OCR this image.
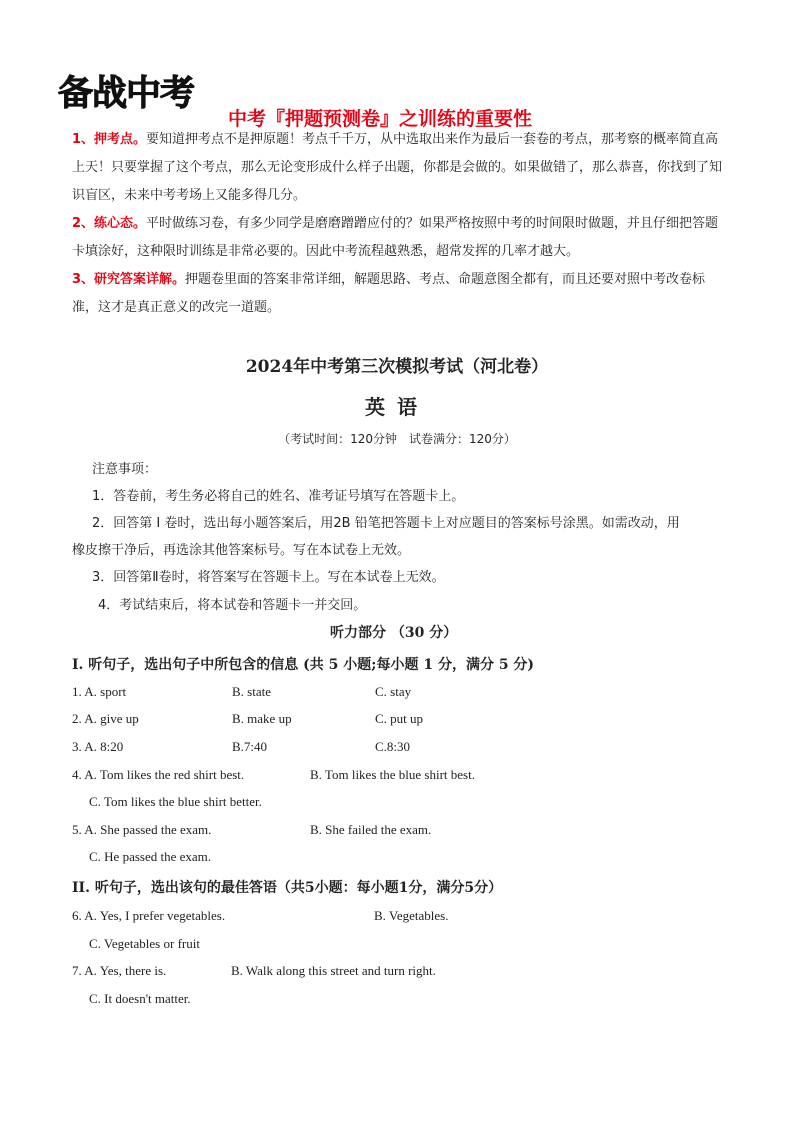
备战中考
中考『押题预测卷』之训练的重要性
1、押考点。要知道押考点不是押原题！考点千千万，从中选取出来作为最后一套卷的考点，那考察的概率简直高上天！只要掌握了这个考点，那么无论变形成什么样子出题，你都是会做的。如果做错了，那么恭喜，你找到了知识盲区，未来中考考场上又能多得几分。
2、练心态。平时做练习卷，有多少同学是磨磨蹭蹭应付的？如果严格按照中考的时间限时做题，并且仔细把答题卡填涂好，这种限时训练是非常必要的。因此中考流程越熟悉，超常发挥的几率才越大。
3、研究答案详解。押题卷里面的答案非常详细，解题思路、考点、命题意图全都有，而且还要对照中考改卷标准，这才是真正意义的改完一道题。
2024年中考第三次模拟考试（河北卷）
英语
（考试时间：120分钟　试卷满分：120分）
注意事项：
1．答卷前，考生务必将自己的姓名、准考证号填写在答题卡上。
2．回答第 I 卷时，选出每小题答案后，用2B 铅笔把答题卡上对应题目的答案标号涂黑。如需改动，用
橡皮擦干净后，再选涂其他答案标号。写在本试卷上无效。
3．回答第Ⅱ卷时，将答案写在答题卡上。写在本试卷上无效。
4．考试结束后，将本试卷和答题卡一并交回。
听力部分 （30 分）
I. 听句子，选出句子中所包含的信息 (共 5 小题;每小题 1 分，满分 5 分)
1. A. sport	B. state	C. stay
2. A. give up	B. make up	C. put up
3. A. 8:20	B.7:40	C.8:30
4. A. Tom likes the red shirt best.	B. Tom likes the blue shirt best.
C. Tom likes the blue shirt better.
5. A. She passed the exam.	B. She failed the exam.
C. He passed the exam.
II. 听句子，选出该句的最佳答语（共5小题：每小题1分，满分5分）
6. A. Yes, I prefer vegetables.	B. Vegetables.
C. Vegetables or fruit
7. A. Yes, there is.	B. Walk along this street and turn right.
C. It doesn't matter.
